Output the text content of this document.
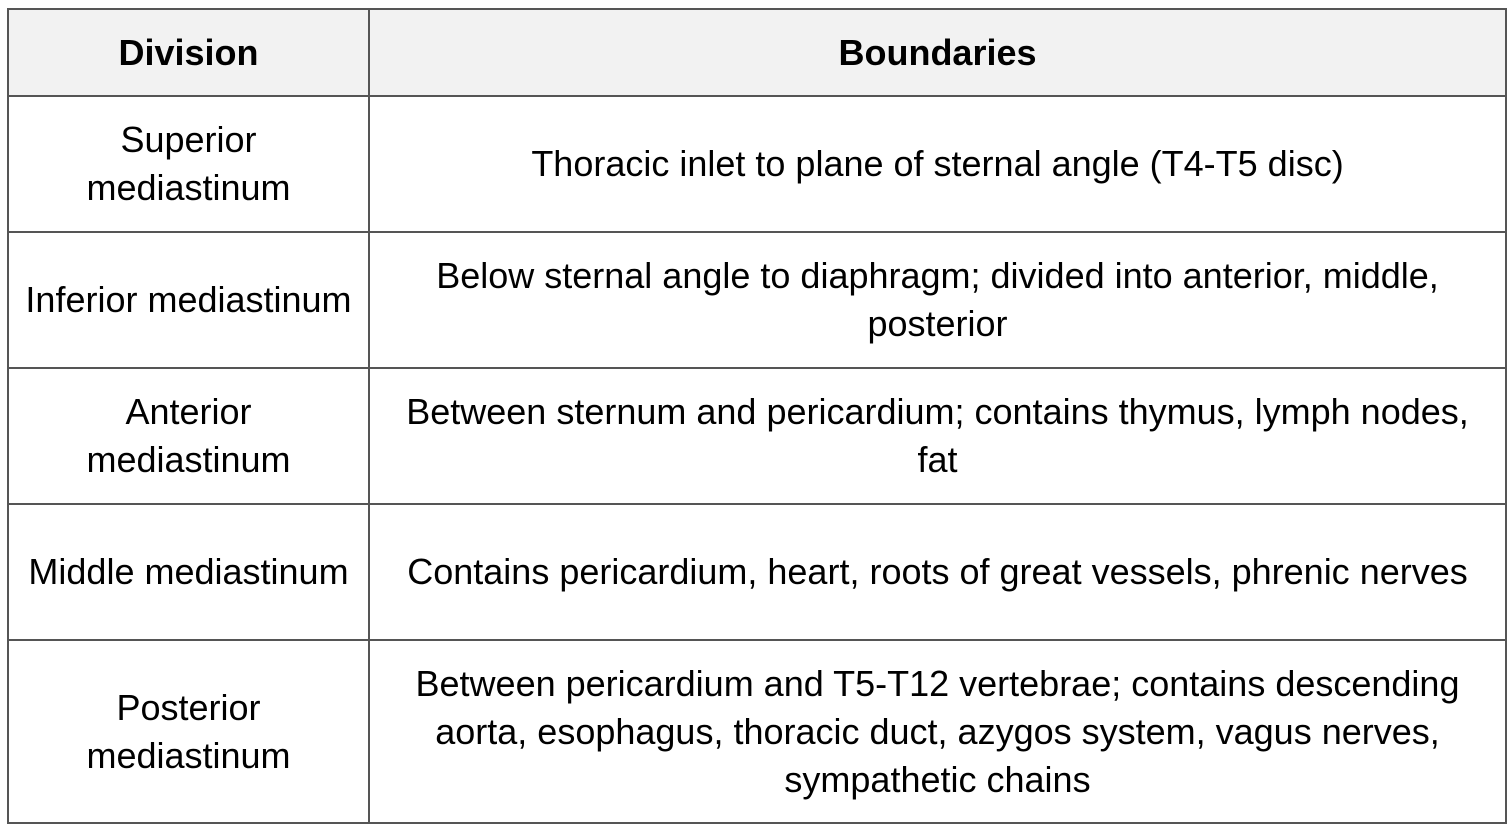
Division	Boundaries
Superior mediastinum	Thoracic inlet to plane of sternal angle (T4-T5 disc)
Inferior mediastinum	Below sternal angle to diaphragm; divided into anterior, middle, posterior
Anterior mediastinum	Between sternum and pericardium; contains thymus, lymph nodes, fat
Middle mediastinum	Contains pericardium, heart, roots of great vessels, phrenic nerves
Posterior mediastinum	Between pericardium and T5-T12 vertebrae; contains descending aorta, esophagus, thoracic duct, azygos system, vagus nerves, sympathetic chains
